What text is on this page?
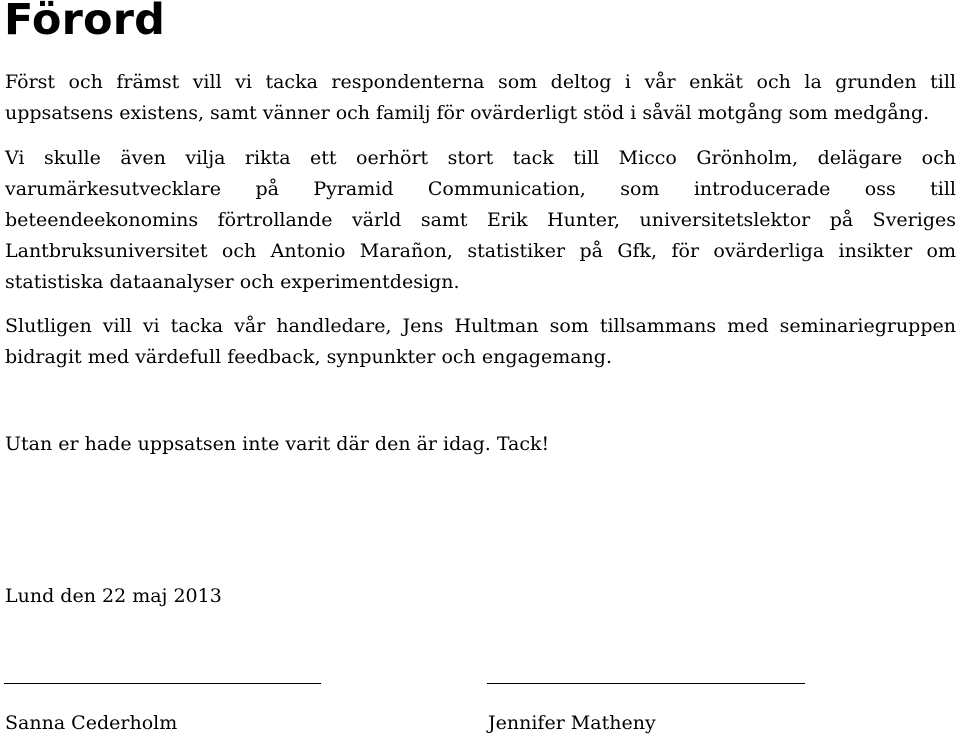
Förord

Först och främst vill vi tacka respondenterna som deltog i vår enkät och la grunden till uppsatsens existens, samt vänner och familj för ovärderligt stöd i såväl motgång som medgång.

Vi skulle även vilja rikta ett oerhört stort tack till Micco Grönholm, delägare och varumärkesutvecklare på Pyramid Communication, som introducerade oss till beteendeekonomins förtrollande värld samt Erik Hunter, universitetslektor på Sveriges Lantbruksuniversitet och Antonio Marañon, statistiker på Gfk, för ovärderliga insikter om statistiska dataanalyser och experimentdesign.

Slutligen vill vi tacka vår handledare, Jens Hultman som tillsammans med seminariegruppen bidragit med värdefull feedback, synpunkter och engagemang.

Utan er hade uppsatsen inte varit där den är idag. Tack!

Lund den 22 maj 2013

Sanna Cederholm	Jennifer Matheny
